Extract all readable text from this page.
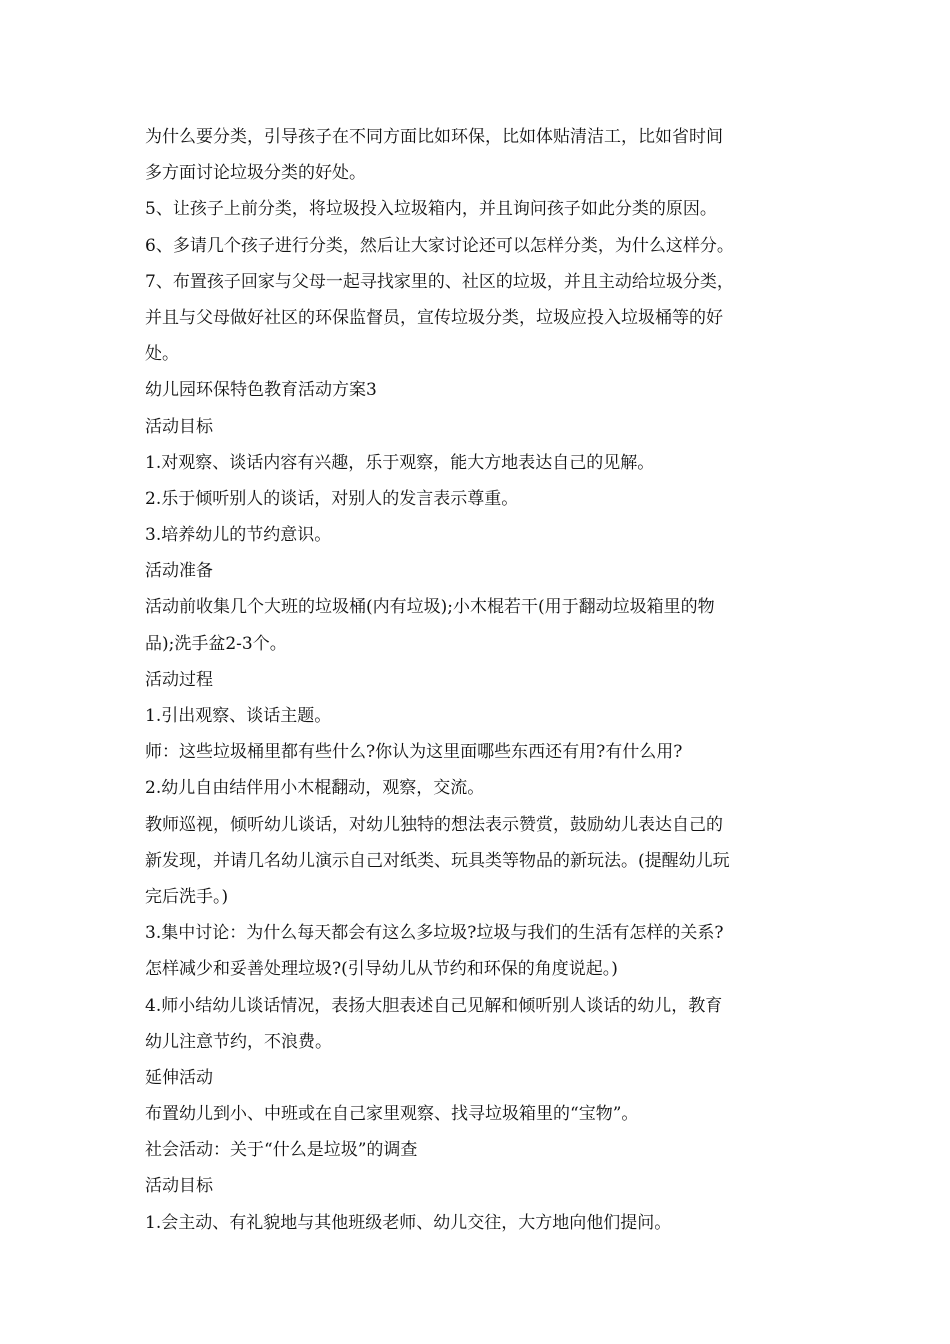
为什么要分类，引导孩子在不同方面比如环保，比如体贴清洁工，比如省时间

多方面讨论垃圾分类的好处。

5、让孩子上前分类，将垃圾投入垃圾箱内，并且询问孩子如此分类的原因。

6、多请几个孩子进行分类，然后让大家讨论还可以怎样分类，为什么这样分。

7、布置孩子回家与父母一起寻找家里的、社区的垃圾，并且主动给垃圾分类，

并且与父母做好社区的环保监督员，宣传垃圾分类，垃圾应投入垃圾桶等的好

处。

幼儿园环保特色教育活动方案3

活动目标

1.对观察、谈话内容有兴趣，乐于观察，能大方地表达自己的见解。

2.乐于倾听别人的谈话，对别人的发言表示尊重。

3.培养幼儿的节约意识。

活动准备

活动前收集几个大班的垃圾桶(内有垃圾);小木棍若干(用于翻动垃圾箱里的物

品);洗手盆2-3个。

活动过程

1.引出观察、谈话主题。

师：这些垃圾桶里都有些什么?你认为这里面哪些东西还有用?有什么用?

2.幼儿自由结伴用小木棍翻动，观察，交流。

教师巡视，倾听幼儿谈话，对幼儿独特的想法表示赞赏，鼓励幼儿表达自己的

新发现，并请几名幼儿演示自己对纸类、玩具类等物品的新玩法。(提醒幼儿玩

完后洗手。)

3.集中讨论：为什么每天都会有这么多垃圾?垃圾与我们的生活有怎样的关系?

怎样减少和妥善处理垃圾?(引导幼儿从节约和环保的角度说起。)

4.师小结幼儿谈话情况，表扬大胆表述自己见解和倾听别人谈话的幼儿，教育

幼儿注意节约，不浪费。

延伸活动

布置幼儿到小、中班或在自己家里观察、找寻垃圾箱里的“宝物”。

社会活动：关于“什么是垃圾”的调查

活动目标

1.会主动、有礼貌地与其他班级老师、幼儿交往，大方地向他们提问。
